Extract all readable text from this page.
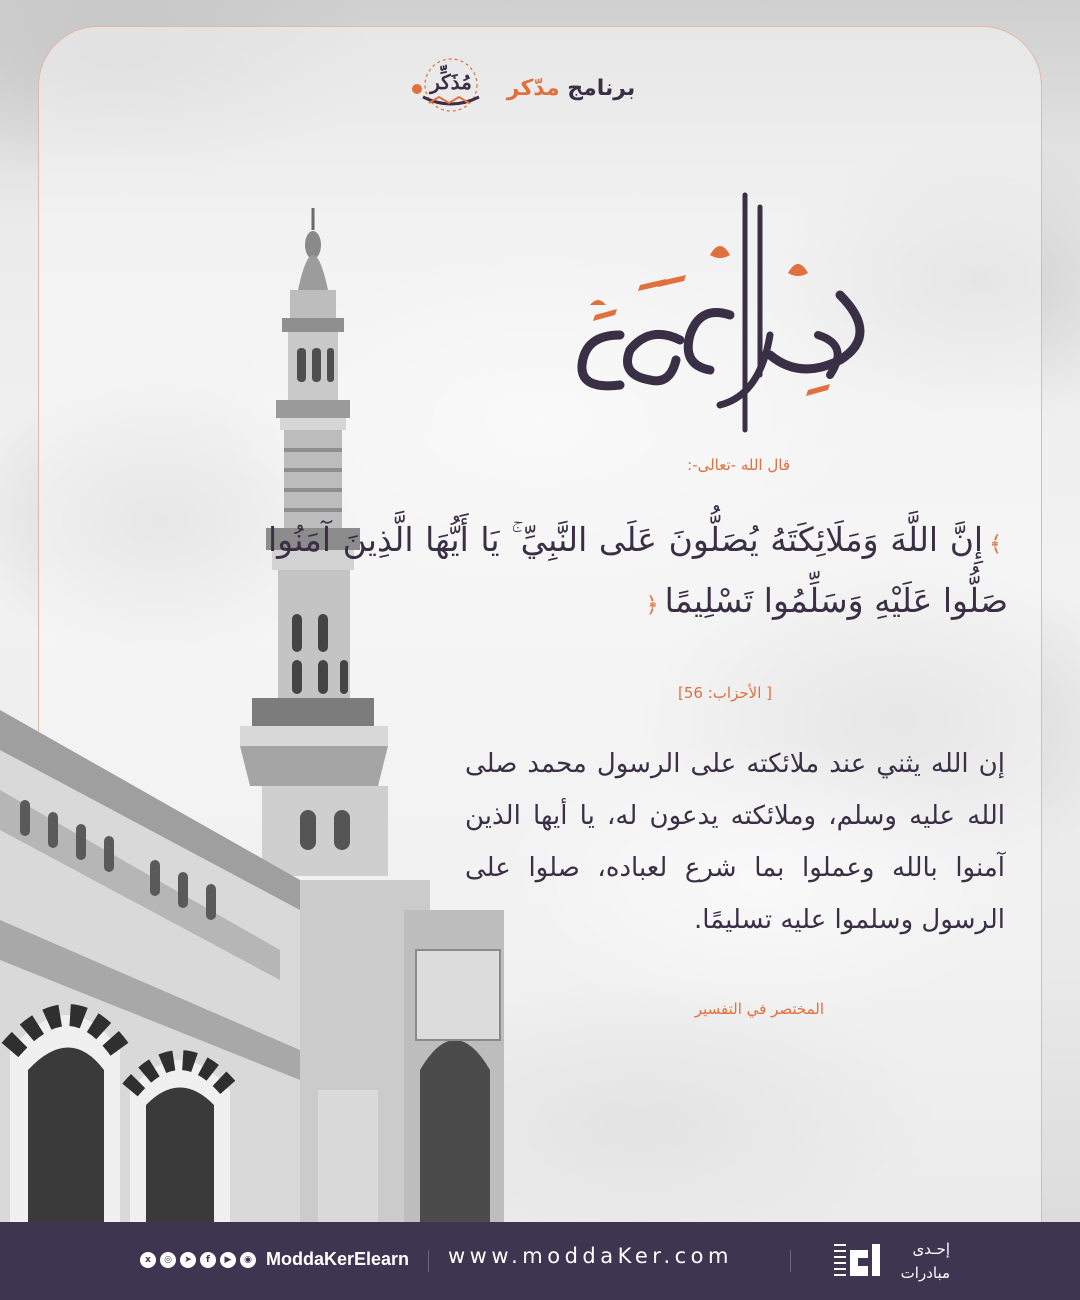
برنامج مدّكر
مُذَكِّر
قال الله -تعالى-:
﴾إِنَّ اللَّهَ وَمَلَائِكَتَهُ يُصَلُّونَ عَلَى النَّبِيِّ ۚ يَا أَيُّهَا الَّذِينَ آمَنُوا صَلُّوا عَلَيْهِ وَسَلِّمُوا تَسْلِيمًا﴿
[ الأحزاب: 56]
إن الله يثني عند ملائكته على الرسول محمد صلى الله عليه وسلم، وملائكته يدعون له، يا أيها الذين آمنوا بالله وعملوا بما شرع لعباده، صلوا على الرسول وسلموا عليه تسليمًا.
المختصر في التفسير
x	◎	➤	f	▶	◉ ModdaKerElearn www.moddaKer.com	إحـدى
مبادرات
